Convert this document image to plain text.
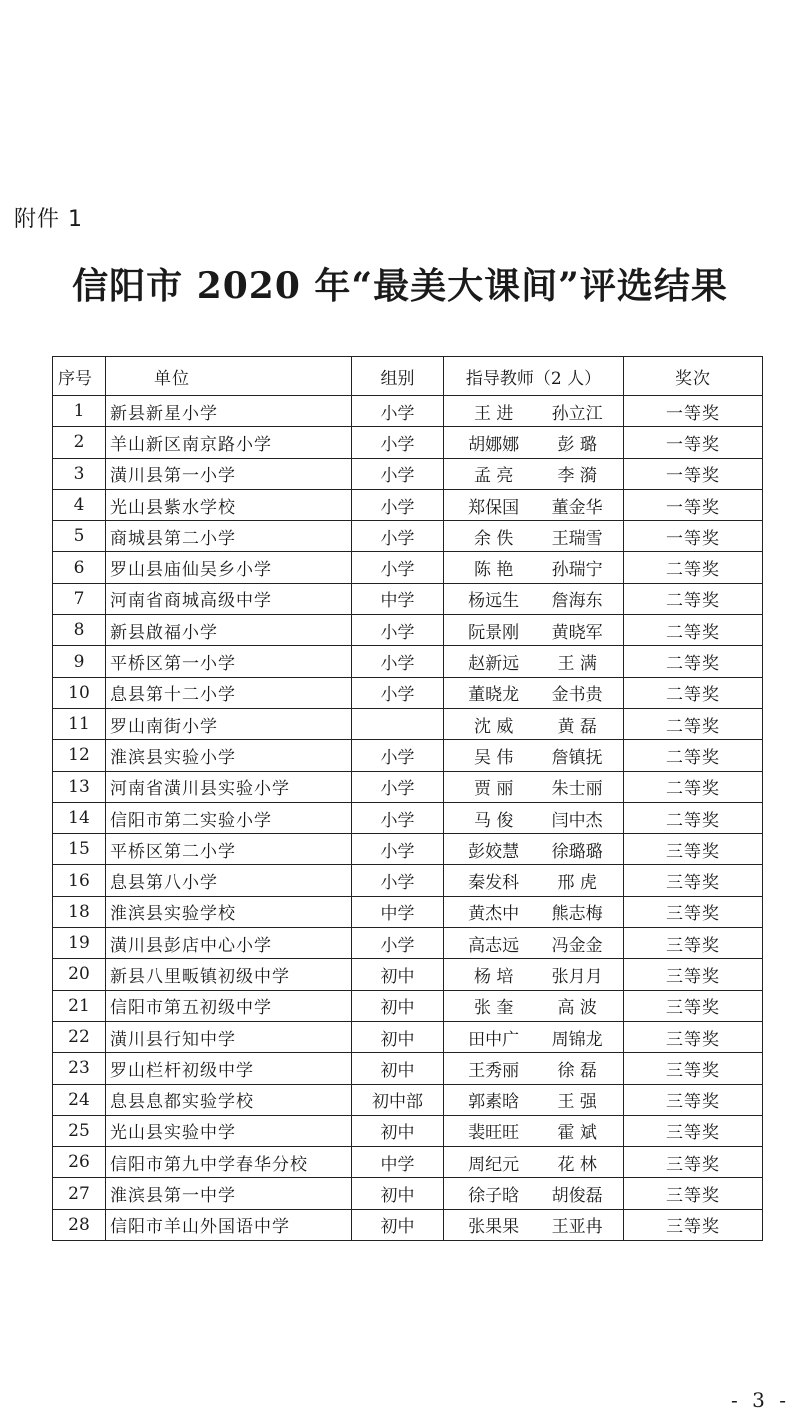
附件 1
信阳市 2020 年“最美大课间”评选结果
序号	单位	组别	指导教师（2 人）	奖次
1	新县新星小学	小学	王 进 孙立江	一等奖
2	羊山新区南京路小学	小学	胡娜娜 彭 璐	一等奖
3	潢川县第一小学	小学	孟 亮 李 漪	一等奖
4	光山县紫水学校	小学	郑保国 董金华	一等奖
5	商城县第二小学	小学	余 佚 王瑞雪	一等奖
6	罗山县庙仙吴乡小学	小学	陈 艳 孙瑞宁	二等奖
7	河南省商城高级中学	中学	杨远生 詹海东	二等奖
8	新县啟福小学	小学	阮景刚 黄晓军	二等奖
9	平桥区第一小学	小学	赵新远 王 满	二等奖
10	息县第十二小学	小学	董晓龙 金书贵	二等奖
11	罗山南街小学		沈 威 黄 磊	二等奖
12	淮滨县实验小学	小学	吴 伟 詹镇抚	二等奖
13	河南省潢川县实验小学	小学	贾 丽 朱士丽	二等奖
14	信阳市第二实验小学	小学	马 俊 闫中杰	二等奖
15	平桥区第二小学	小学	彭姣慧 徐璐璐	三等奖
16	息县第八小学	小学	秦发科 邢 虎	三等奖
18	淮滨县实验学校	中学	黄杰中 熊志梅	三等奖
19	潢川县彭店中心小学	小学	高志远 冯金金	三等奖
20	新县八里畈镇初级中学	初中	杨 培 张月月	三等奖
21	信阳市第五初级中学	初中	张 奎 高 波	三等奖
22	潢川县行知中学	初中	田中广 周锦龙	三等奖
23	罗山栏杆初级中学	初中	王秀丽 徐 磊	三等奖
24	息县息都实验学校	初中部	郭素晗 王 强	三等奖
25	光山县实验中学	初中	裴旺旺 霍 斌	三等奖
26	信阳市第九中学春华分校	中学	周纪元 花 林	三等奖
27	淮滨县第一中学	初中	徐子晗 胡俊磊	三等奖
28	信阳市羊山外国语中学	初中	张果果 王亚冉	三等奖
- 3 -
